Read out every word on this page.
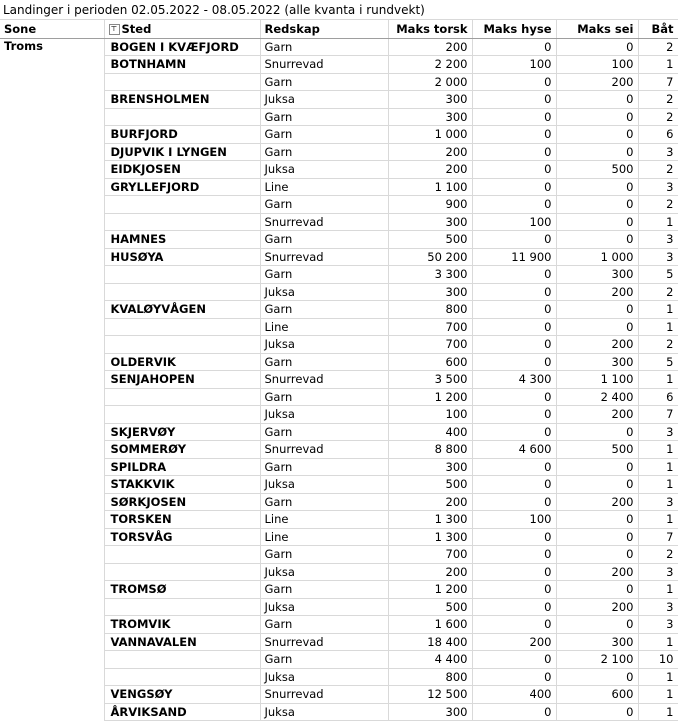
Landinger i perioden 02.05.2022 - 08.05.2022 (alle kvanta i rundvekt)
Sone	⊤ Sted	Redskap	Maks torsk	Maks hyse	Maks sei	Båt
Troms	BOGEN I KVÆFJORD	Garn	200	0	0	2
	BOTNHAMN	Snurrevad	2 200	100	100	1
		Garn	2 000	0	200	7
	BRENSHOLMEN	Juksa	300	0	0	2
		Garn	300	0	0	2
	BURFJORD	Garn	1 000	0	0	6
	DJUPVIK I LYNGEN	Garn	200	0	0	3
	EIDKJOSEN	Juksa	200	0	500	2
	GRYLLEFJORD	Line	1 100	0	0	3
		Garn	900	0	0	2
		Snurrevad	300	100	0	1
	HAMNES	Garn	500	0	0	3
	HUSØYA	Snurrevad	50 200	11 900	1 000	3
		Garn	3 300	0	300	5
		Juksa	300	0	200	2
	KVALØYVÅGEN	Garn	800	0	0	1
		Line	700	0	0	1
		Juksa	700	0	200	2
	OLDERVIK	Garn	600	0	300	5
	SENJAHOPEN	Snurrevad	3 500	4 300	1 100	1
		Garn	1 200	0	2 400	6
		Juksa	100	0	200	7
	SKJERVØY	Garn	400	0	0	3
	SOMMERØY	Snurrevad	8 800	4 600	500	1
	SPILDRA	Garn	300	0	0	1
	STAKKVIK	Juksa	500	0	0	1
	SØRKJOSEN	Garn	200	0	200	3
	TORSKEN	Line	1 300	100	0	1
	TORSVÅG	Line	1 300	0	0	7
		Garn	700	0	0	2
		Juksa	200	0	200	3
	TROMSØ	Garn	1 200	0	0	1
		Juksa	500	0	200	3
	TROMVIK	Garn	1 600	0	0	3
	VANNAVALEN	Snurrevad	18 400	200	300	1
		Garn	4 400	0	2 100	10
		Juksa	800	0	0	1
	VENGSØY	Snurrevad	12 500	400	600	1
	ÅRVIKSAND	Juksa	300	0	0	1
